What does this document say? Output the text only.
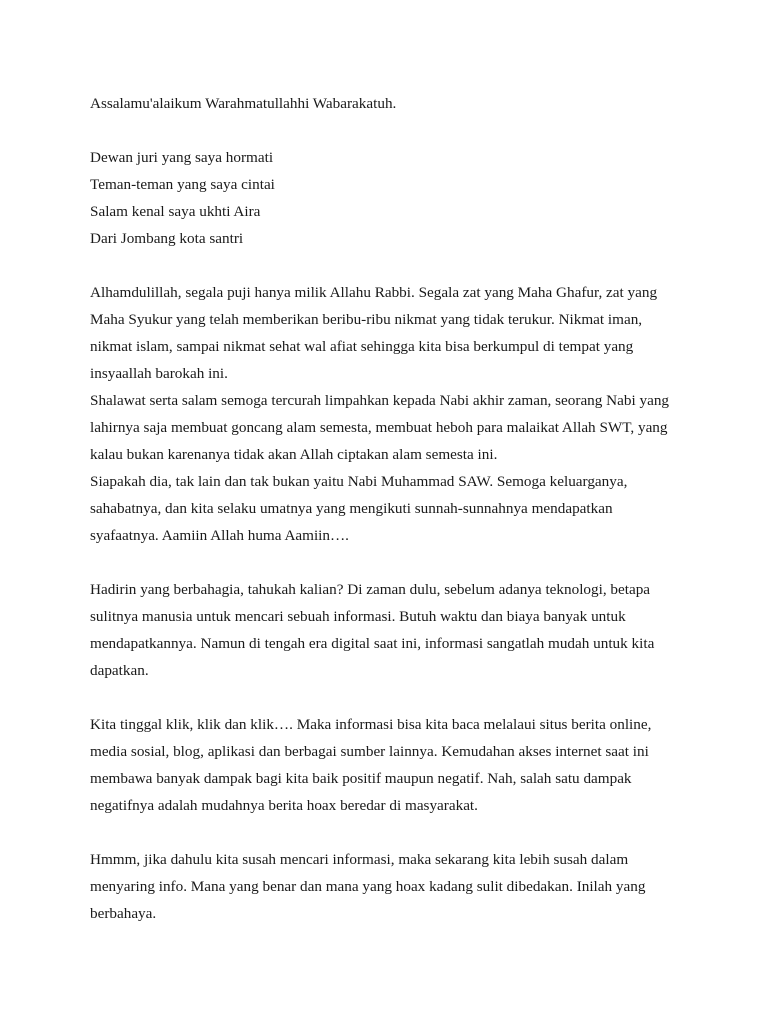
Assalamu'alaikum Warahmatullahhi Wabarakatuh.
Dewan juri yang saya hormati
Teman-teman yang saya cintai
Salam kenal saya ukhti Aira
Dari Jombang kota santri
Alhamdulillah, segala puji hanya milik Allahu Rabbi. Segala zat yang Maha Ghafur, zat yang
Maha Syukur yang telah memberikan beribu-ribu nikmat yang tidak terukur. Nikmat iman,
nikmat islam, sampai nikmat sehat wal afiat sehingga kita bisa berkumpul di tempat yang
insyaallah barokah ini.
Shalawat serta salam semoga tercurah limpahkan kepada Nabi akhir zaman, seorang Nabi yang
lahirnya saja membuat goncang alam semesta, membuat heboh para malaikat Allah SWT, yang
kalau bukan karenanya tidak akan Allah ciptakan alam semesta ini.
Siapakah dia, tak lain dan tak bukan yaitu Nabi Muhammad SAW. Semoga keluarganya,
sahabatnya, dan kita selaku umatnya yang mengikuti sunnah-sunnahnya mendapatkan
syafaatnya. Aamiin Allah huma Aamiin….
Hadirin yang berbahagia, tahukah kalian? Di zaman dulu, sebelum adanya teknologi, betapa
sulitnya manusia untuk mencari sebuah informasi. Butuh waktu dan biaya banyak untuk
mendapatkannya. Namun di tengah era digital saat ini, informasi sangatlah mudah untuk kita
dapatkan.
Kita tinggal klik, klik dan klik…. Maka informasi bisa kita baca melalaui situs berita online,
media sosial, blog, aplikasi dan berbagai sumber lainnya. Kemudahan akses internet saat ini
membawa banyak dampak bagi kita baik positif maupun negatif. Nah, salah satu dampak
negatifnya adalah mudahnya berita hoax beredar di masyarakat.
Hmmm, jika dahulu kita susah mencari informasi, maka sekarang kita lebih susah dalam
menyaring info. Mana yang benar dan mana yang hoax kadang sulit dibedakan. Inilah yang
berbahaya.
